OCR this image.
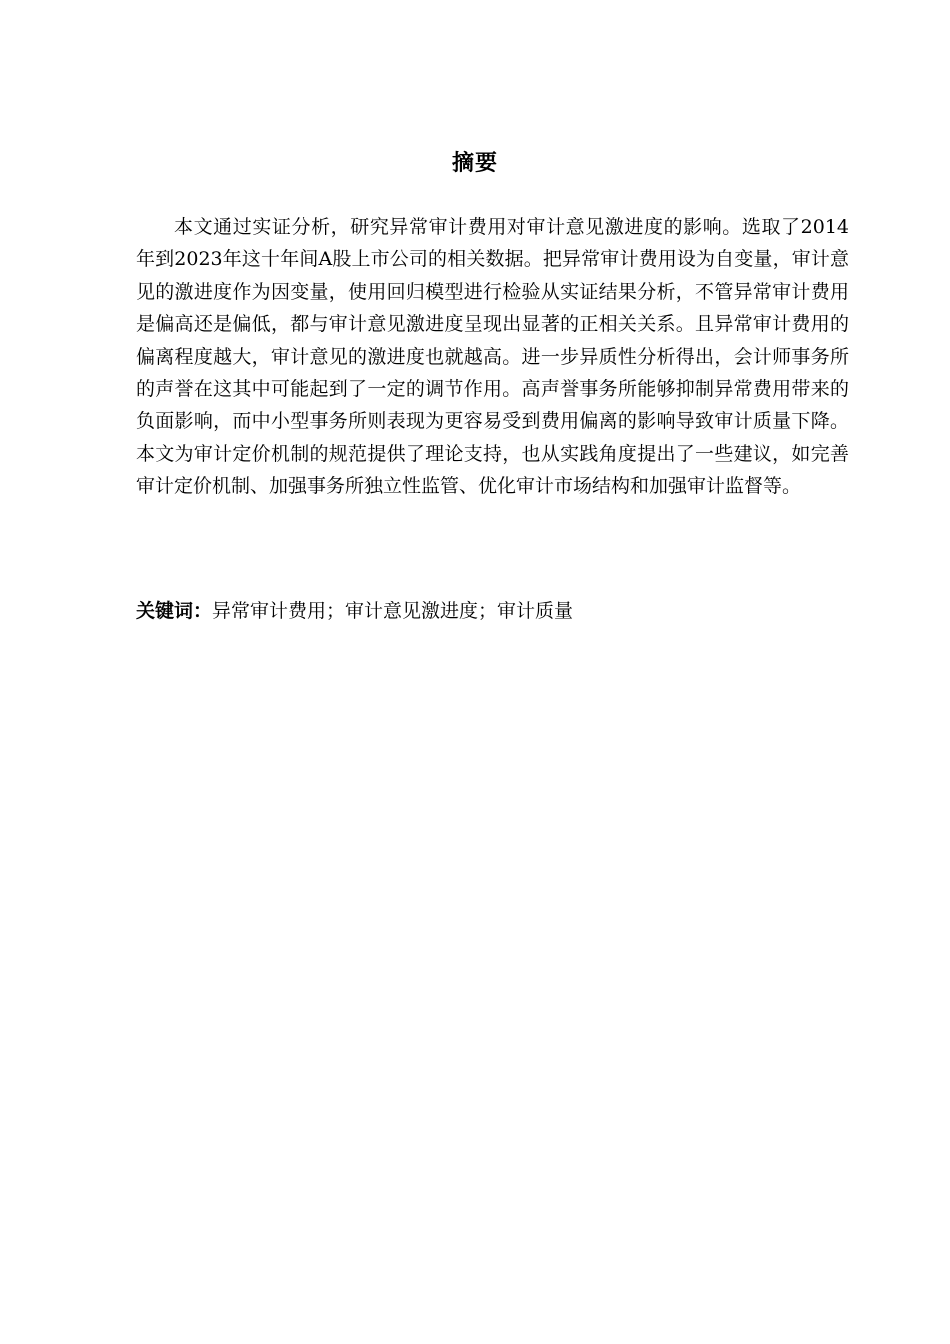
摘要

本文通过实证分析，研究异常审计费用对审计意见激进度的影响。选取了2014年到2023年这十年间A股上市公司的相关数据。把异常审计费用设为自变量，审计意见的激进度作为因变量，使用回归模型进行检验从实证结果分析，不管异常审计费用是偏高还是偏低，都与审计意见激进度呈现出显著的正相关关系。且异常审计费用的偏离程度越大，审计意见的激进度也就越高。进一步异质性分析得出，会计师事务所的声誉在这其中可能起到了一定的调节作用。高声誉事务所能够抑制异常费用带来的负面影响，而中小型事务所则表现为更容易受到费用偏离的影响导致审计质量下降。本文为审计定价机制的规范提供了理论支持，也从实践角度提出了一些建议，如完善审计定价机制、加强事务所独立性监管、优化审计市场结构和加强审计监督等。

关键词：异常审计费用；审计意见激进度；审计质量
